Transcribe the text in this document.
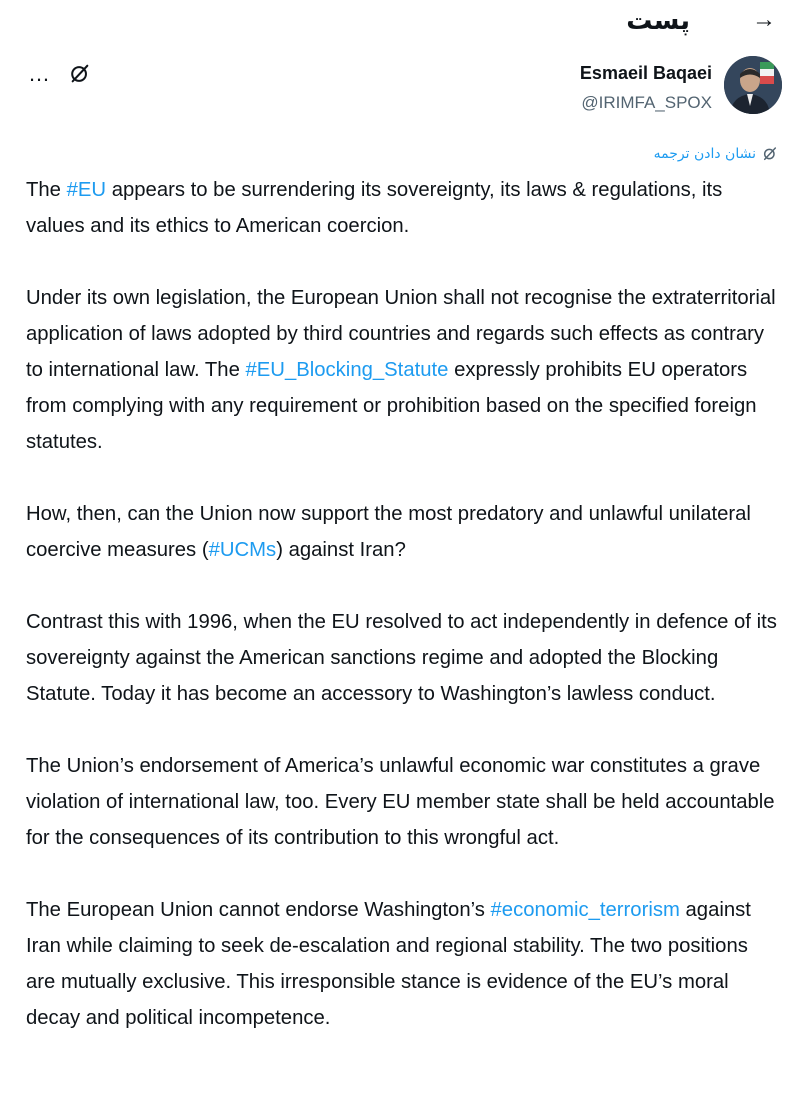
پست	→
…	Esmaeil Baqaei
@IRIMFA_SPOX
نشان دادن ترجمه

The #EU appears to be surrendering its sovereignty, its laws & regulations, its values and its ethics to American coercion.

Under its own legislation, the European Union shall not recognise the extraterritorial application of laws adopted by third countries and regards such effects as contrary to international law. The #EU_Blocking_Statute expressly prohibits EU operators from complying with any requirement or prohibition based on the specified foreign statutes.

How, then, can the Union now support the most predatory and unlawful unilateral coercive measures (#UCMs) against Iran?

Contrast this with 1996, when the EU resolved to act independently in defence of its sovereignty against the American sanctions regime and adopted the Blocking Statute. Today it has become an accessory to Washington’s lawless conduct.

The Union’s endorsement of America’s unlawful economic war constitutes a grave violation of international law, too. Every EU member state shall be held accountable for the consequences of its contribution to this wrongful act.

The European Union cannot endorse Washington’s #economic_terrorism against Iran while claiming to seek de-escalation and regional stability. The two positions are mutually exclusive. This irresponsible stance is evidence of the EU’s moral decay and political incompetence.
